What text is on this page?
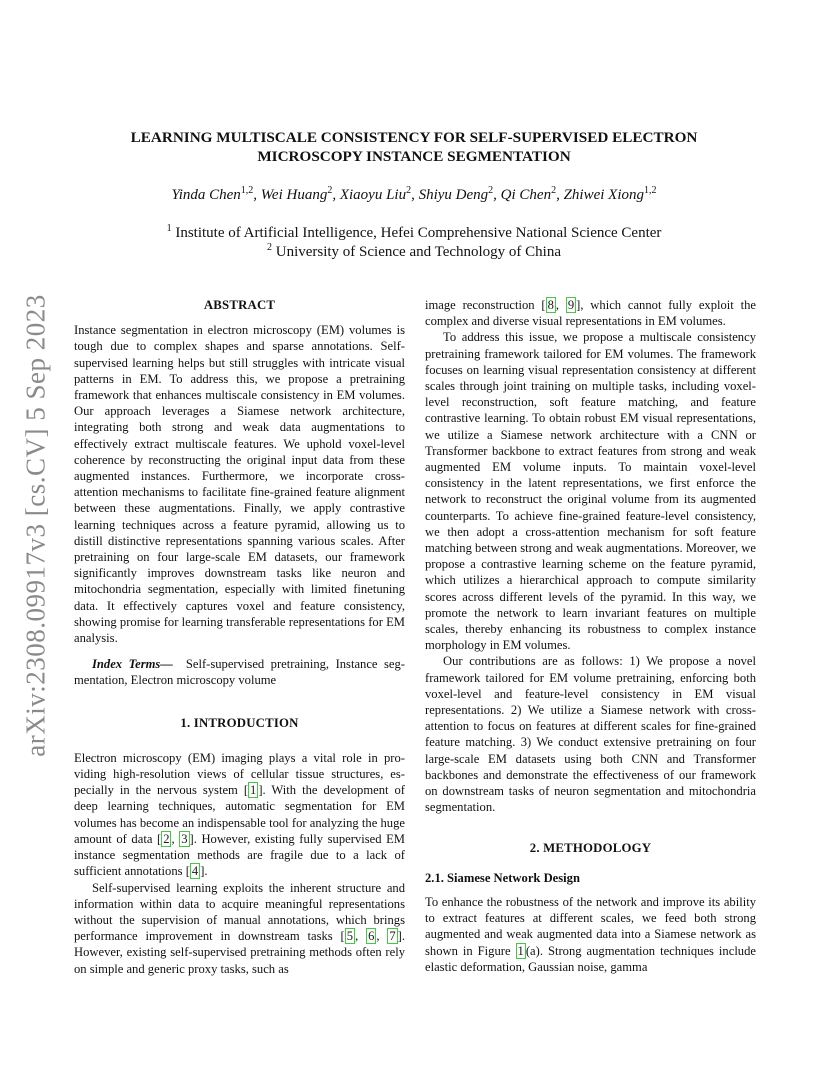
arXiv:2308.09917v3 [cs.CV] 5 Sep 2023
LEARNING MULTISCALE CONSISTENCY FOR SELF-SUPERVISED ELECTRON
MICROSCOPY INSTANCE SEGMENTATION
Yinda Chen$^{1,2}$, Wei Huang$^2$, Xiaoyu Liu$^2$, Shiyu Deng$^2$, Qi Chen$^2$, Zhiwei Xiong$^{1,2}$
$^1$ Institute of Artificial Intelligence, Hefei Comprehensive National Science Center
$^2$ University of Science and Technology of China
ABSTRACT

Instance segmentation in electron microscopy (EM) volumes is tough due to complex shapes and sparse annotations. Self-supervised learning helps but still struggles with intricate visual patterns in EM. To address this, we propose a pretraining framework that enhances multiscale consistency in EM volumes. Our approach leverages a Siamese network architecture, integrating both strong and weak data augmentations to effectively extract multiscale features. We uphold voxel-level coherence by reconstructing the original input data from these augmented instances. Furthermore, we incorporate cross-attention mechanisms to facilitate fine-grained feature alignment between these augmentations. Finally, we apply contrastive learning techniques across a feature pyramid, allowing us to distill distinctive representations spanning various scales. After pretraining on four large-scale EM datasets, our framework significantly improves downstream tasks like neuron and mitochondria segmentation, especially with limited finetuning data. It effectively captures voxel and feature consistency, showing promise for learning transferable representations for EM analysis.

Index Terms— Self-supervised pretraining, Instance segmentation, Electron microscopy volume

1. INTRODUCTION

Electron microscopy (EM) imaging plays a vital role in providing high-resolution views of cellular tissue structures, especially in the nervous system [ 1 ]. With the development of deep learning techniques, automatic segmentation for EM volumes has become an indispensable tool for analyzing the huge amount of data [ 2 , 3 ]. However, existing fully supervised EM instance segmentation methods are fragile due to a lack of sufficient annotations [ 4 ].

Self-supervised learning exploits the inherent structure and information within data to acquire meaningful representations without the supervision of manual annotations, which brings performance improvement in downstream tasks [ 5 , 6 , 7 ]. However, existing self-supervised pretraining methods often rely on simple and generic proxy tasks, such as

image reconstruction [ 8 , 9 ], which cannot fully exploit the complex and diverse visual representations in EM volumes.

To address this issue, we propose a multiscale consistency pretraining framework tailored for EM volumes. The framework focuses on learning visual representation consistency at different scales through joint training on multiple tasks, including voxel-level reconstruction, soft feature matching, and feature contrastive learning. To obtain robust EM visual representations, we utilize a Siamese network architecture with a CNN or Transformer backbone to extract features from strong and weak augmented EM volume inputs. To maintain voxel-level consistency in the latent representations, we first enforce the network to reconstruct the original volume from its augmented counterparts. To achieve fine-grained feature-level consistency, we then adopt a cross-attention mechanism for soft feature matching between strong and weak augmentations. Moreover, we propose a contrastive learning scheme on the feature pyramid, which utilizes a hierarchical approach to compute similarity scores across different levels of the pyramid. In this way, we promote the network to learn invariant features on multiple scales, thereby enhancing its robustness to complex instance morphology in EM volumes.

Our contributions are as follows: 1) We propose a novel framework tailored for EM volume pretraining, enforcing both voxel-level and feature-level consistency in EM visual representations. 2) We utilize a Siamese network with cross-attention to focus on features at different scales for fine-grained feature matching. 3) We conduct extensive pretraining on four large-scale EM datasets using both CNN and Transformer backbones and demonstrate the effectiveness of our framework on downstream tasks of neuron segmentation and mitochondria segmentation.

2. METHODOLOGY
2.1. Siamese Network Design

To enhance the robustness of the network and improve its ability to extract features at different scales, we feed both strong augmented and weak augmented data into a Siamese network as shown in Figure 1 (a). Strong augmentation techniques include elastic deformation, Gaussian noise, gamma
